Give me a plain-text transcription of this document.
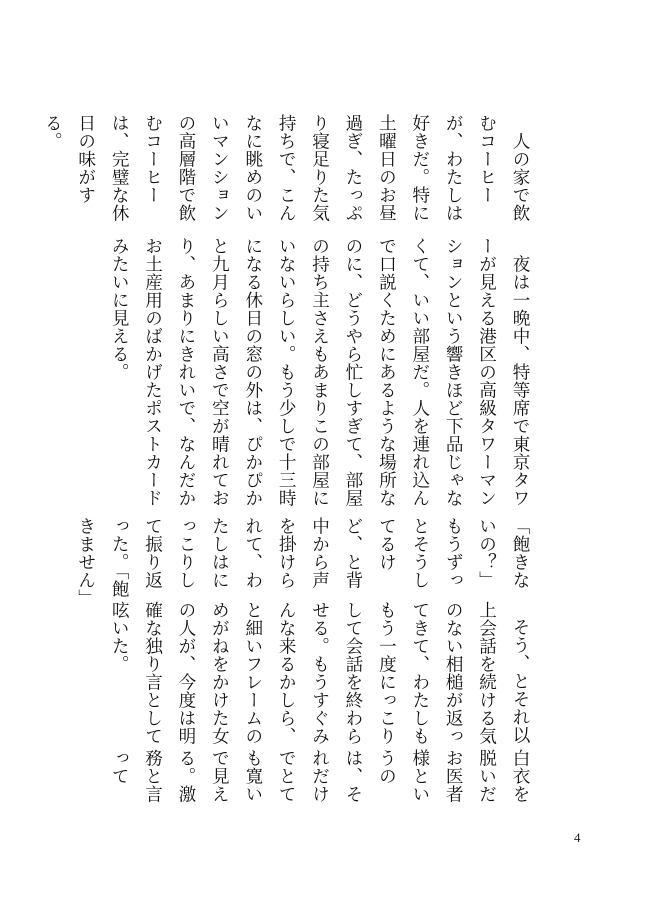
人の家で飲むコーヒーが、わたしは好きだ。特に土曜日のお昼過ぎ、たっぷり寝足りた気持ちで、こんなに眺めのいいマンションの高層階で飲むコーヒーは、完璧な休日の味がする。

夜は一晩中、特等席で東京タワーが見える港区の高級タワーマンションという響きほど下品じゃなくて、いい部屋だ。人を連れ込んで口説くためにあるような場所なのに、どうやら忙しすぎて、部屋の持ち主さえもあまりこの部屋にいないらしい。もう少しで十三時になる休日の窓の外は、ぴかぴかと九月らしい高さで空が晴れており、あまりにきれいで、なんだかお土産用のばかげたポストカードみたいに見える。

「飽きないの？」もうずっとそうしてるけど、と背中から声を掛けられて、わたしはにっこりして振り返った。「飽きません」

そう、とそれ以上会話を続ける気のない相槌が返ってきて、わたしももう一度にっこりして会話を終わらせる。もうすぐみんな来るかしら、と細いフレームのめがねをかけた女の人が、今度は明確な独り言として呟いた。

白衣を脱いだお医者様というのは、それだけでとても寛いで見える。激務と言って

4
